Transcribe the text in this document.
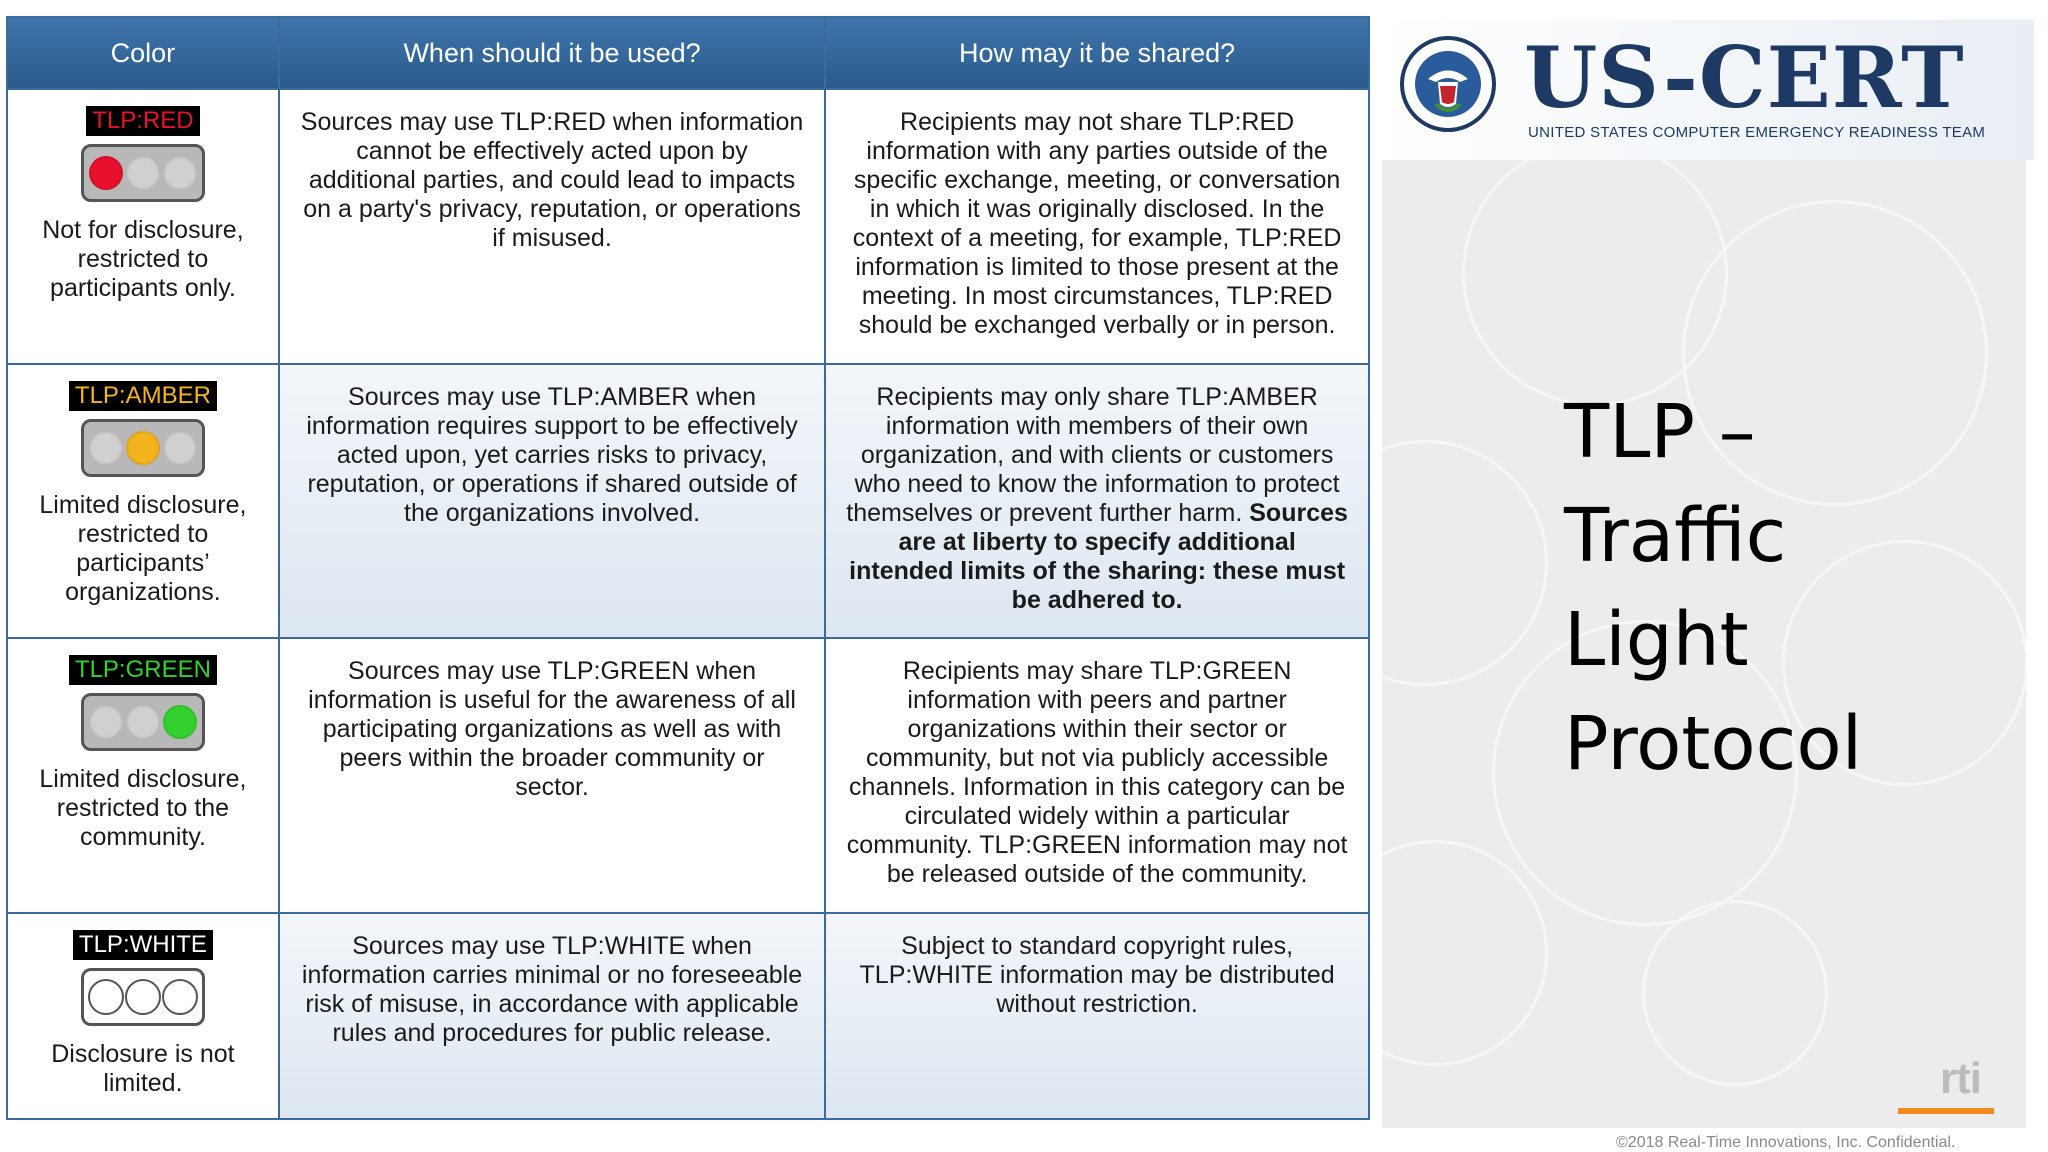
Color	When should it be used?	How may it be shared?
TLP:RED
Not for disclosure, restricted to participants only.	Sources may use TLP:RED when information cannot be effectively acted upon by additional parties, and could lead to impacts on a party's privacy, reputation, or operations if misused.	Recipients may not share TLP:RED information with any parties outside of the specific exchange, meeting, or conversation in which it was originally disclosed. In the context of a meeting, for example, TLP:RED information is limited to those present at the meeting. In most circumstances, TLP:RED should be exchanged verbally or in person.
TLP:AMBER
Limited disclosure, restricted to participants’ organizations.	Sources may use TLP:AMBER when information requires support to be effectively acted upon, yet carries risks to privacy, reputation, or operations if shared outside of the organizations involved.	Recipients may only share TLP:AMBER information with members of their own organization, and with clients or customers who need to know the information to protect themselves or prevent further harm. Sources are at liberty to specify additional intended limits of the sharing: these must be adhered to.
TLP:GREEN
Limited disclosure, restricted to the community.	Sources may use TLP:GREEN when information is useful for the awareness of all participating organizations as well as with peers within the broader community or sector.	Recipients may share TLP:GREEN information with peers and partner organizations within their sector or community, but not via publicly accessible channels. Information in this category can be circulated widely within a particular community. TLP:GREEN information may not be released outside of the community.
TLP:WHITE
Disclosure is not limited.	Sources may use TLP:WHITE when information carries minimal or no foreseeable risk of misuse, in accordance with applicable rules and procedures for public release.	Subject to standard copyright rules, TLP:WHITE information may be distributed without restriction.
US-CERT
UNITED STATES COMPUTER EMERGENCY READINESS TEAM
TLP –
Traffic
Light
Protocol
rti
©2018 Real-Time Innovations, Inc. Confidential.
